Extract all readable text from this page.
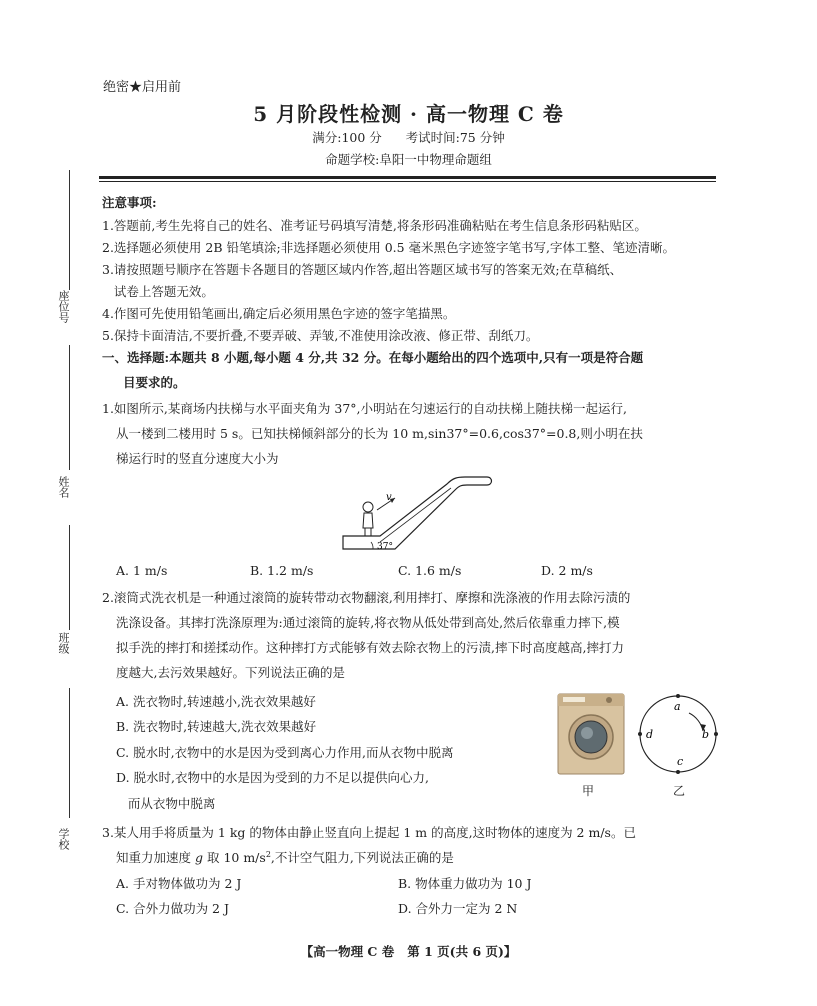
座位号
姓名
班级
学校
绝密★启用前
5 月阶段性检测 · 高一物理 C 卷
满分:100 分      考试时间:75 分钟
命题学校:阜阳一中物理命题组
注意事项:
1.答题前,考生先将自己的姓名、准考证号码填写清楚,将条形码准确粘贴在考生信息条形码粘贴区。
2.选择题必须使用 2B 铅笔填涂;非选择题必须使用 0.5 毫米黑色字迹签字笔书写,字体工整、笔迹清晰。
3.请按照题号顺序在答题卡各题目的答题区域内作答,超出答题区域书写的答案无效;在草稿纸、
试卷上答题无效。
4.作图可先使用铅笔画出,确定后必须用黑色字迹的签字笔描黑。
5.保持卡面清洁,不要折叠,不要弄破、弄皱,不准使用涂改液、修正带、刮纸刀。
一、选择题:本题共 8 小题,每小题 4 分,共 32 分。在每小题给出的四个选项中,只有一项是符合题
目要求的。
1.如图所示,某商场内扶梯与水平面夹角为 37°,小明站在匀速运行的自动扶梯上随扶梯一起运行,
从一楼到二楼用时 5 s。已知扶梯倾斜部分的长为 10 m,sin37°=0.6,cos37°=0.8,则小明在扶
梯运行时的竖直分速度大小为
v
37°
A. 1 m/s	B. 1.2 m/s	C. 1.6 m/s	D. 2 m/s
2.滚筒式洗衣机是一种通过滚筒的旋转带动衣物翻滚,利用摔打、摩擦和洗涤液的作用去除污渍的
洗涤设备。其摔打洗涤原理为:通过滚筒的旋转,将衣物从低处带到高处,然后依靠重力摔下,模
拟手洗的摔打和搓揉动作。这种摔打方式能够有效去除衣物上的污渍,摔下时高度越高,摔打力
度越大,去污效果越好。下列说法正确的是
A. 洗衣物时,转速越小,洗衣效果越好
B. 洗衣物时,转速越大,洗衣效果越好
C. 脱水时,衣物中的水是因为受到离心力作用,而从衣物中脱离
D. 脱水时,衣物中的水是因为受到的力不足以提供向心力,
而从衣物中脱离
甲
a
b
c
d
乙
3.某人用手将质量为 1 kg 的物体由静止竖直向上提起 1 m 的高度,这时物体的速度为 2 m/s。已
知重力加速度 g 取 10 $m/s^2$,不计空气阻力,下列说法正确的是
A. 手对物体做功为 2 J	B. 物体重力做功为 10 J
C. 合外力做功为 2 J	D. 合外力一定为 2 N
【高一物理 C 卷   第 1 页(共 6 页)】
